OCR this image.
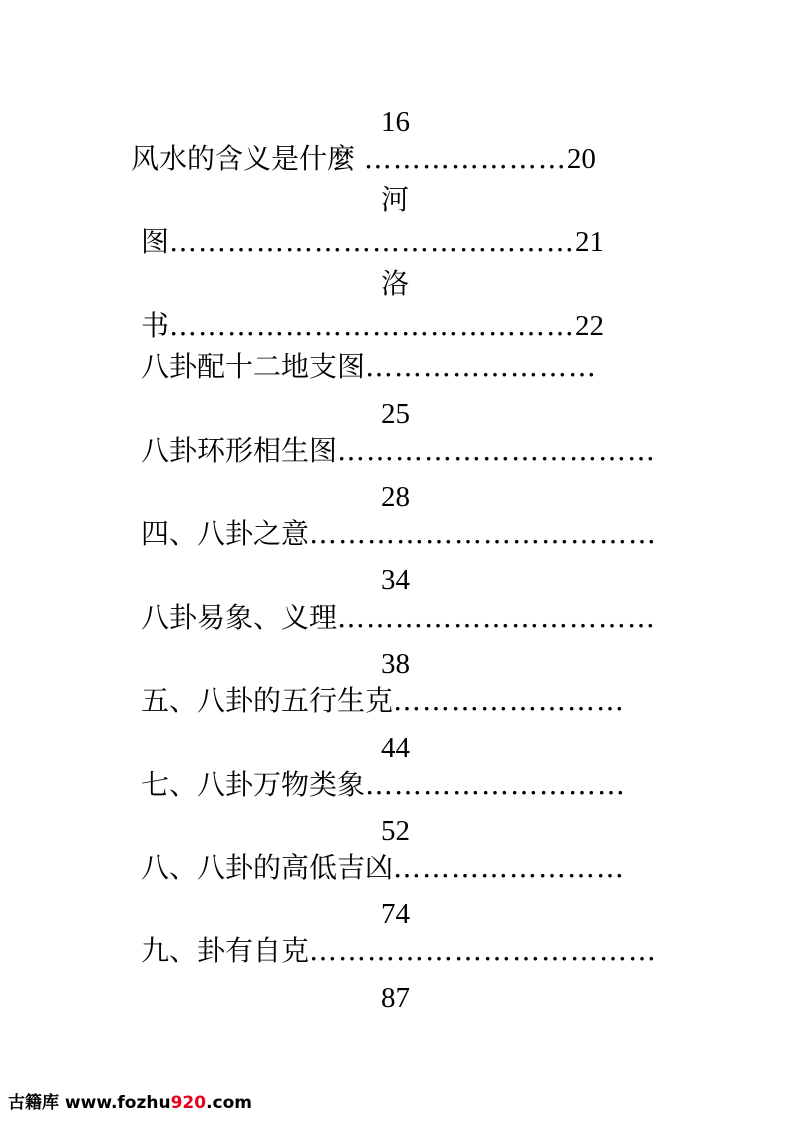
16
风水的含义是什麼 …………………20
河
图……………………………………21
洛
书……………………………………22
八卦配十二地支图……………………
25
八卦环形相生图……………………………
28
四、八卦之意………………………………
34
八卦易象、义理……………………………
38
五、八卦的五行生克……………………
44
七、八卦万物类象………………………
52
八、八卦的高低吉凶……………………
74
九、卦有自克………………………………
87
古籍库 www.fozhu920.com
